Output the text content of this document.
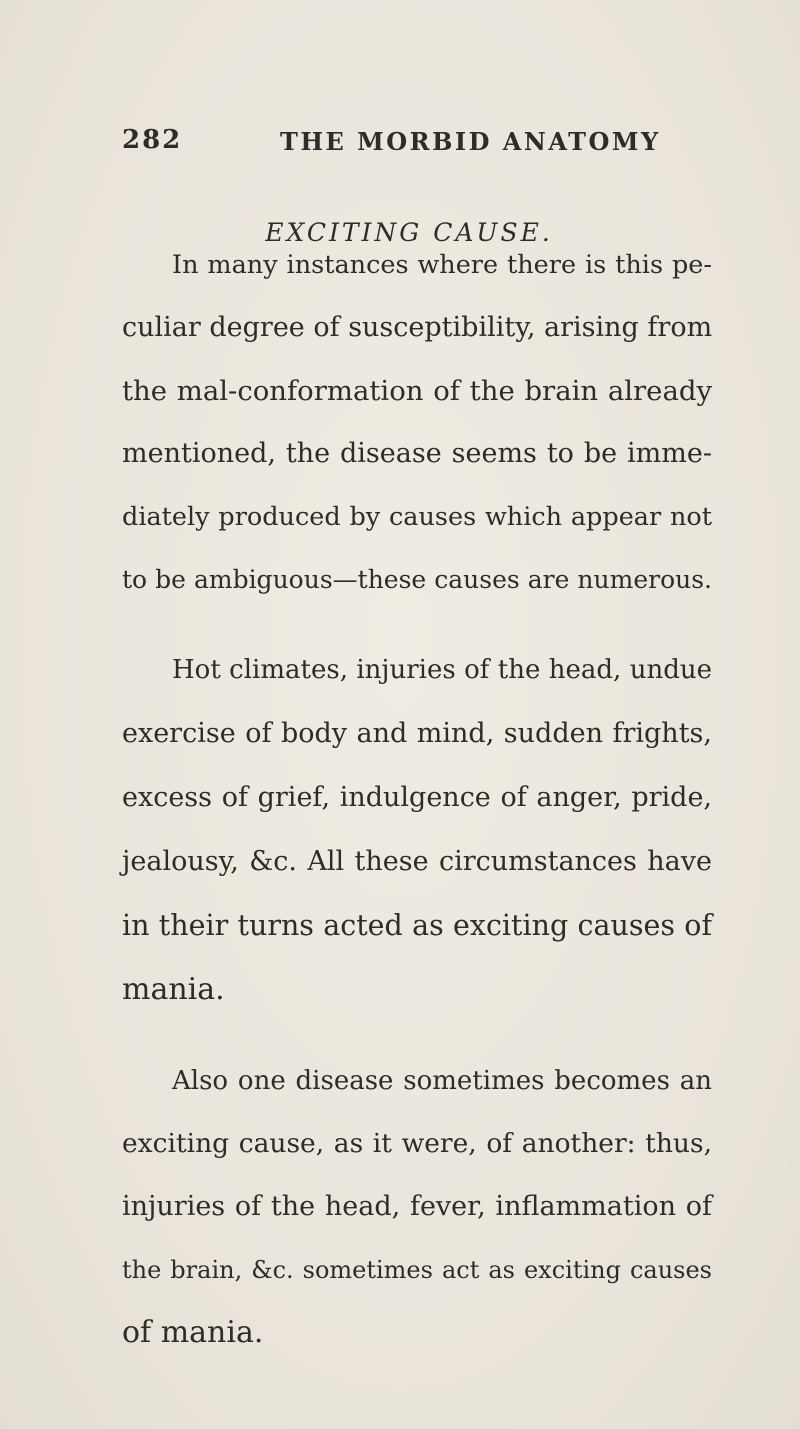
282	THE MORBID ANATOMY
EXCITING CAUSE.
In many instances where there is this pe-
culiar degree of susceptibility, arising from
the mal-conformation of the brain already
mentioned, the disease seems to be imme-
diately produced by causes which appear not
to be ambiguous—these causes are numerous.
Hot climates, injuries of the head, undue
exercise of body and mind, sudden frights,
excess of grief, indulgence of anger, pride,
jealousy, &c. All these circumstances have
in their turns acted as exciting causes of
mania.
Also one disease sometimes becomes an
exciting cause, as it were, of another: thus,
injuries of the head, fever, inflammation of
the brain, &c. sometimes act as exciting causes
of mania.
